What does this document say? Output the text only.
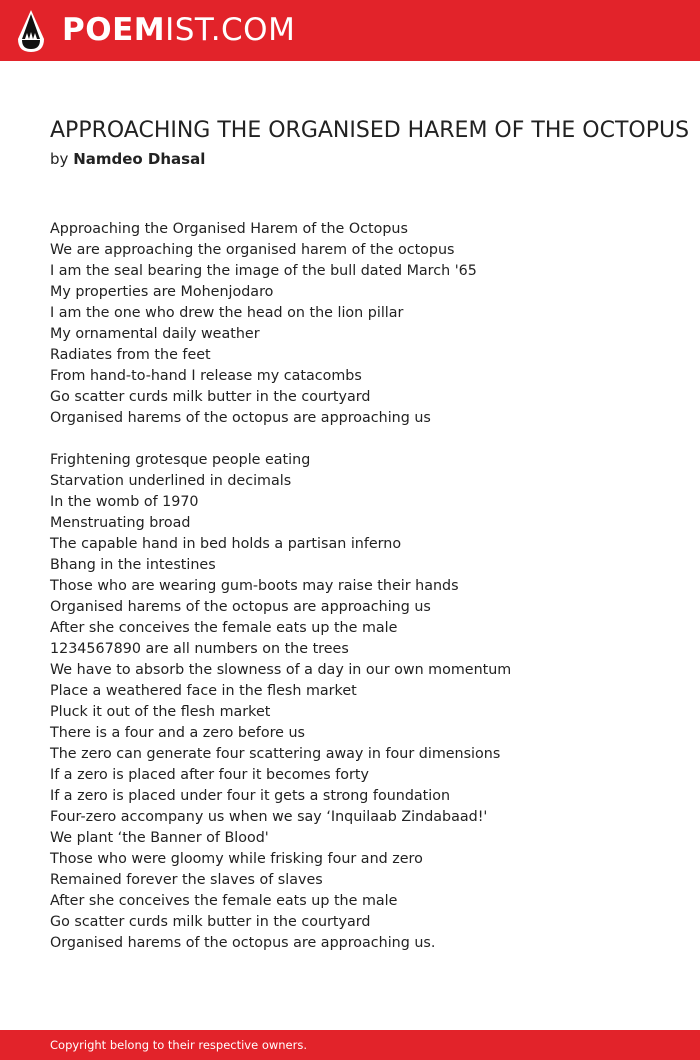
POEMIST.COM
APPROACHING THE ORGANISED HAREM OF THE OCTOPUS
by Namdeo Dhasal
Approaching the Organised Harem of the Octopus
We are approaching the organised harem of the octopus
I am the seal bearing the image of the bull dated March '65
My properties are Mohenjodaro
I am the one who drew the head on the lion pillar
My ornamental daily weather
Radiates from the feet
From hand-to-hand I release my catacombs
Go scatter curds milk butter in the courtyard
Organised harems of the octopus are approaching us
Frightening grotesque people eating
Starvation underlined in decimals
In the womb of 1970
Menstruating broad
The capable hand in bed holds a partisan inferno
Bhang in the intestines
Those who are wearing gum-boots may raise their hands
Organised harems of the octopus are approaching us
After she conceives the female eats up the male
1234567890 are all numbers on the trees
We have to absorb the slowness of a day in our own momentum
Place a weathered face in the flesh market
Pluck it out of the flesh market
There is a four and a zero before us
The zero can generate four scattering away in four dimensions
If a zero is placed after four it becomes forty
If a zero is placed under four it gets a strong foundation
Four-zero accompany us when we say ‘Inquilaab Zindabaad!'
We plant ‘the Banner of Blood'
Those who were gloomy while frisking four and zero
Remained forever the slaves of slaves
After she conceives the female eats up the male
Go scatter curds milk butter in the courtyard
Organised harems of the octopus are approaching us.
Copyright belong to their respective owners.
